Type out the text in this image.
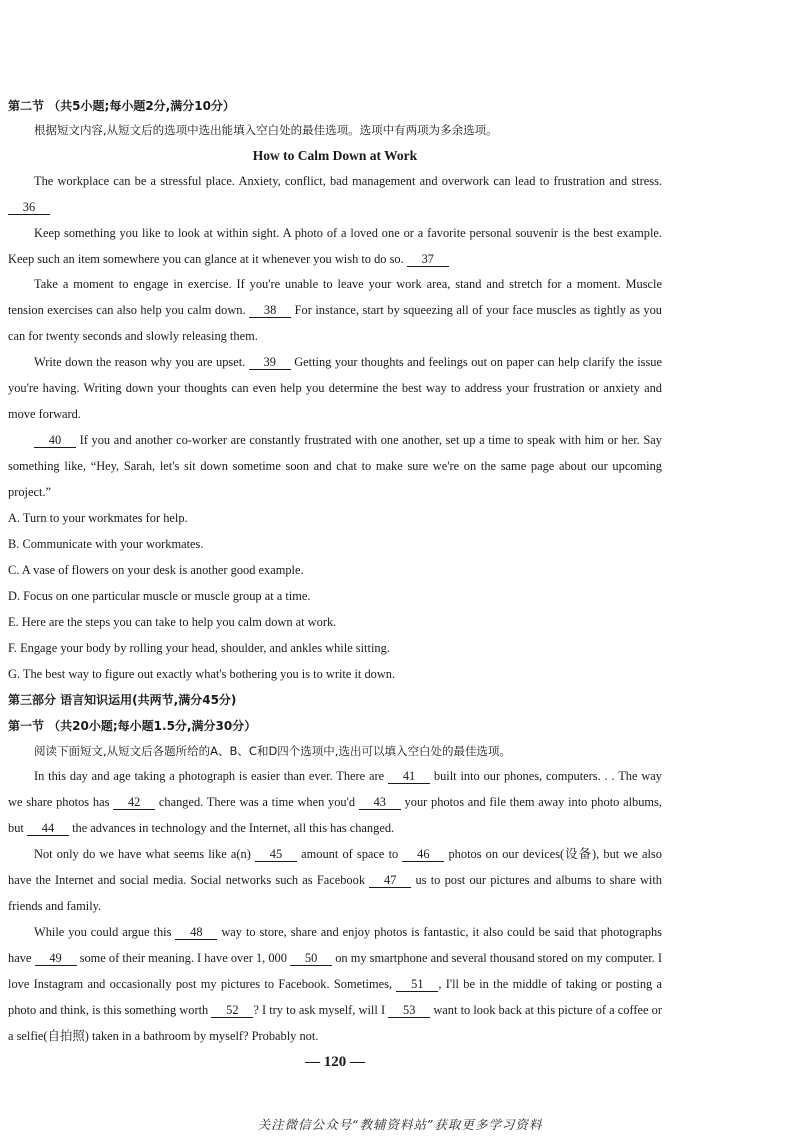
第二节 （共5小题;每小题2分,满分10分）
根据短文内容,从短文后的选项中选出能填入空白处的最佳选项。选项中有两项为多余选项。
How to Calm Down at Work

The workplace can be a stressful place. Anxiety, conflict, bad management and overwork can lead to frustration and stress. 36

Keep something you like to look at within sight. A photo of a loved one or a favorite personal souvenir is the best example. Keep such an item somewhere you can glance at it whenever you wish to do so. 37

Take a moment to engage in exercise. If you're unable to leave your work area, stand and stretch for a moment. Muscle tension exercises can also help you calm down. 38 For instance, start by squeezing all of your face muscles as tightly as you can for twenty seconds and slowly releasing them.

Write down the reason why you are upset. 39 Getting your thoughts and feelings out on paper can help clarify the issue you're having. Writing down your thoughts can even help you determine the best way to address your frustration or anxiety and move forward.

40 If you and another co-worker are constantly frustrated with one another, set up a time to speak with him or her. Say something like, “Hey, Sarah, let's sit down sometime soon and chat to make sure we're on the same page about our upcoming project.”

A. Turn to your workmates for help.
B. Communicate with your workmates.
C. A vase of flowers on your desk is another good example.
D. Focus on one particular muscle or muscle group at a time.
E. Here are the steps you can take to help you calm down at work.
F. Engage your body by rolling your head, shoulder, and ankles while sitting.
G. The best way to figure out exactly what's bothering you is to write it down.
第三部分 语言知识运用(共两节,满分45分)
第一节 （共20小题;每小题1.5分,满分30分）
阅读下面短文,从短文后各题所给的A、B、C和D四个选项中,选出可以填入空白处的最佳选项。

In this day and age taking a photograph is easier than ever. There are 41 built into our phones, computers. . . The way we share photos has 42 changed. There was a time when you'd 43 your photos and file them away into photo albums, but 44 the advances in technology and the Internet, all this has changed.

Not only do we have what seems like a(n) 45 amount of space to 46 photos on our devices(设备), but we also have the Internet and social media. Social networks such as Facebook 47 us to post our pictures and albums to share with friends and family.

While you could argue this 48 way to store, share and enjoy photos is fantastic, it also could be said that photographs have 49 some of their meaning. I have over 1, 000 50 on my smartphone and several thousand stored on my computer. I love Instagram and occasionally post my pictures to Facebook. Sometimes, 51 , I'll be in the middle of taking or posting a photo and think, is this something worth 52 ? I try to ask myself, will I 53 want to look back at this picture of a coffee or a selfie(自拍照) taken in a bathroom by myself? Probably not.

— 120 —
关注微信公众号“教辅资料站”获取更多学习资料
